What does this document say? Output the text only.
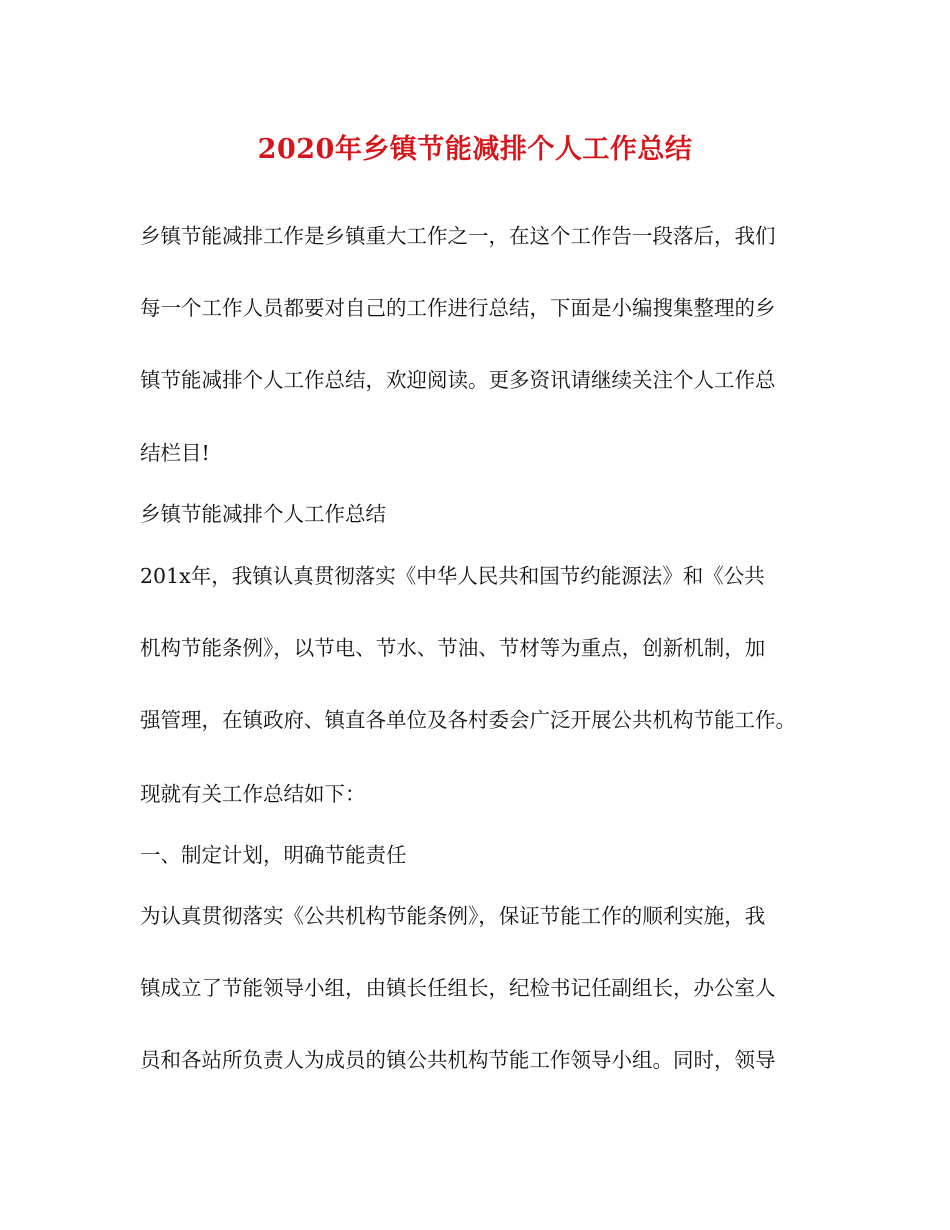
2020年乡镇节能减排个人工作总结
乡镇节能减排工作是乡镇重大工作之一，在这个工作告一段落后，我们
每一个工作人员都要对自己的工作进行总结，下面是小编搜集整理的乡
镇节能减排个人工作总结，欢迎阅读。更多资讯请继续关注个人工作总
结栏目!
乡镇节能减排个人工作总结
201x年，我镇认真贯彻落实《中华人民共和国节约能源法》和《公共
机构节能条例》，以节电、节水、节油、节材等为重点，创新机制，加
强管理，在镇政府、镇直各单位及各村委会广泛开展公共机构节能工作。
现就有关工作总结如下：
一、制定计划，明确节能责任
为认真贯彻落实《公共机构节能条例》，保证节能工作的顺利实施，我
镇成立了节能领导小组，由镇长任组长，纪检书记任副组长，办公室人
员和各站所负责人为成员的镇公共机构节能工作领导小组。同时，领导
